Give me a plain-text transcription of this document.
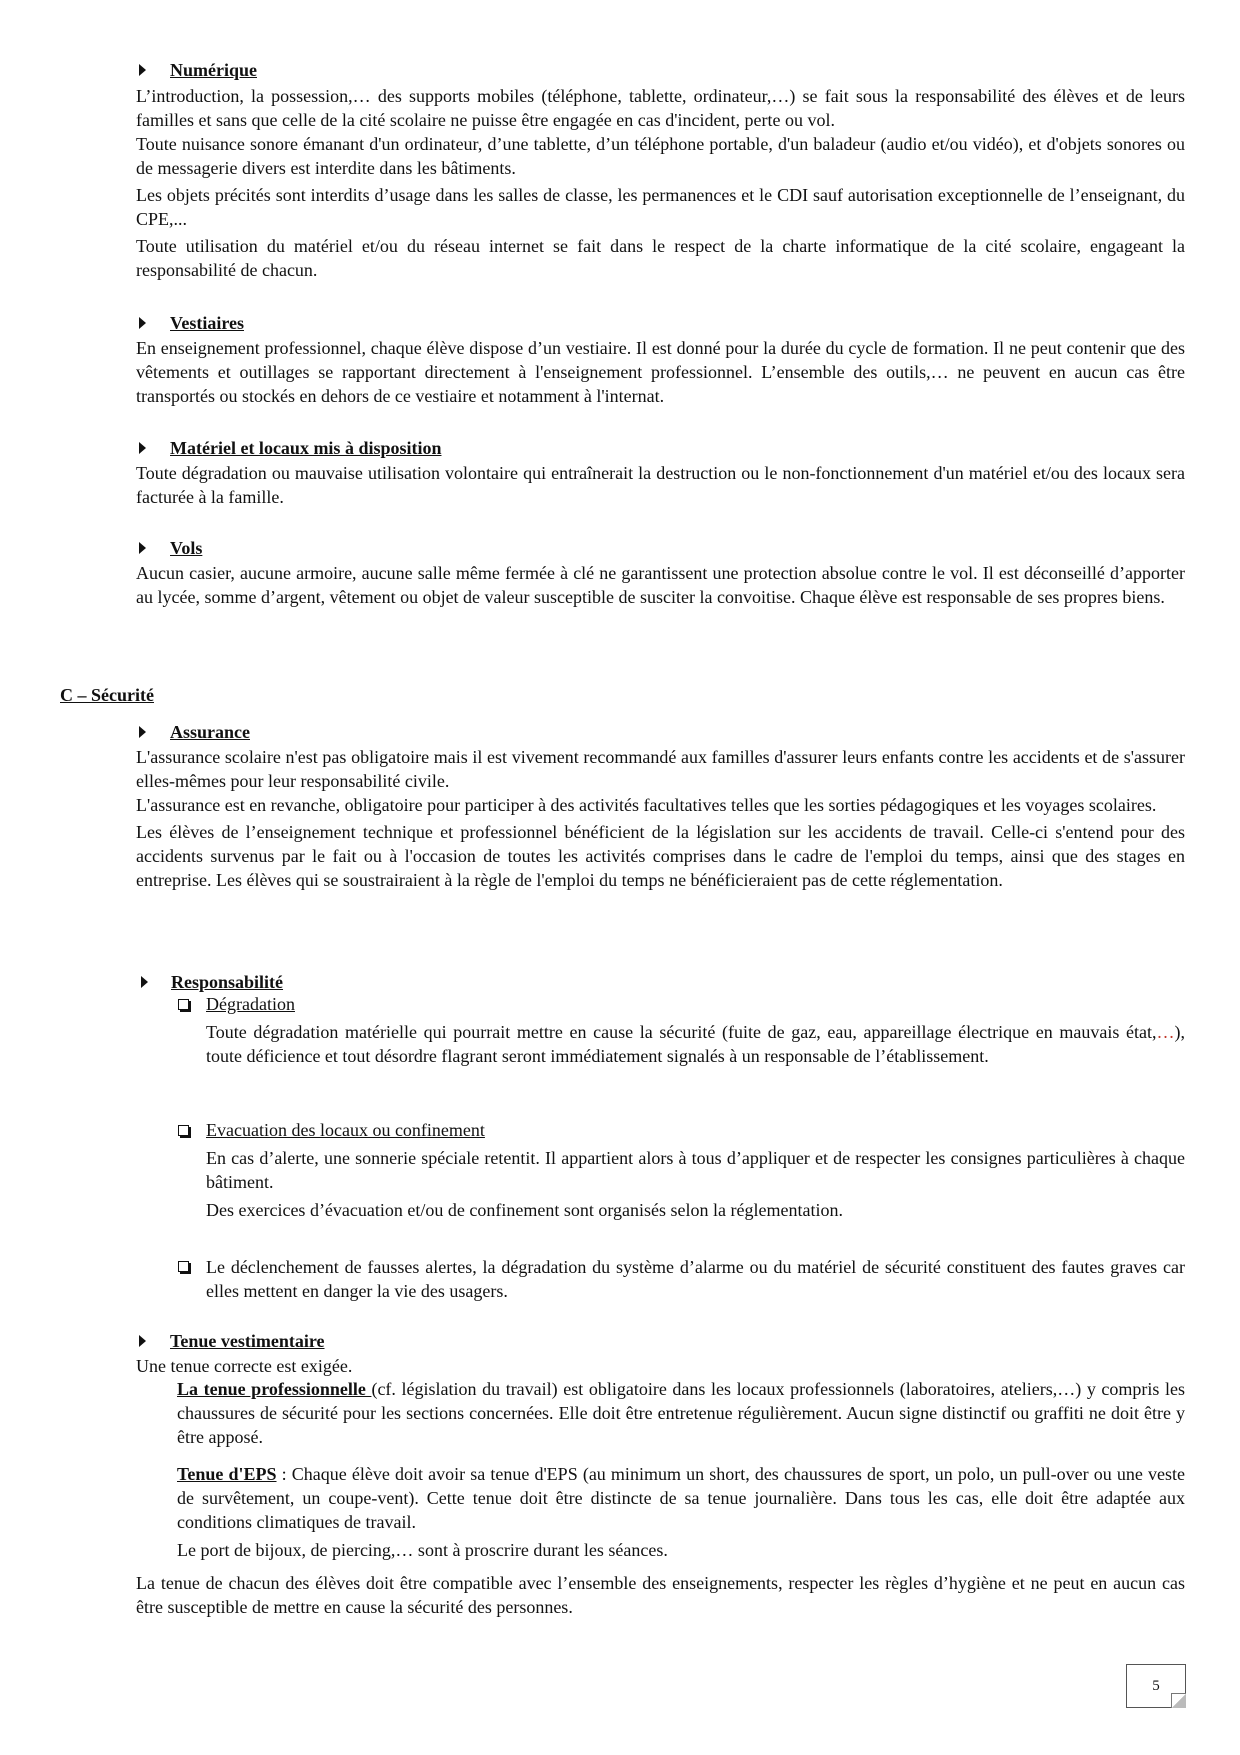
Numérique

L’introduction, la possession,… des supports mobiles (téléphone, tablette, ordinateur,…) se fait sous la responsabilité des élèves et de leurs familles et sans que celle de la cité scolaire ne puisse être engagée en cas d'incident, perte ou vol.

Toute nuisance sonore émanant d'un ordinateur, d’une tablette, d’un téléphone portable, d'un baladeur (audio et/ou vidéo), et d'objets sonores ou de messagerie divers est interdite dans les bâtiments.

Les objets précités sont interdits d’usage dans les salles de classe, les permanences et le CDI sauf autorisation exceptionnelle de l’enseignant, du CPE,...

Toute utilisation du matériel et/ou du réseau internet se fait dans le respect de la charte informatique de la cité scolaire, engageant la responsabilité de chacun.

Vestiaires

En enseignement professionnel, chaque élève dispose d’un vestiaire. Il est donné pour la durée du cycle de formation. Il ne peut contenir que des vêtements et outillages se rapportant directement à l'enseignement professionnel. L’ensemble des outils,… ne peuvent en aucun cas être transportés ou stockés en dehors de ce vestiaire et notamment à l'internat.

Matériel et locaux mis à disposition

Toute dégradation ou mauvaise utilisation volontaire qui entraînerait la destruction ou le non-fonctionnement d'un matériel et/ou des locaux sera facturée à la famille.

Vols

Aucun casier, aucune armoire, aucune salle même fermée à clé ne garantissent une protection absolue contre le vol. Il est déconseillé d’apporter au lycée, somme d’argent, vêtement ou objet de valeur susceptible de susciter la convoitise. Chaque élève est responsable de ses propres biens.

C – Sécurité
Assurance

L'assurance scolaire n'est pas obligatoire mais il est vivement recommandé aux familles d'assurer leurs enfants contre les accidents et de s'assurer elles-mêmes pour leur responsabilité civile.

L'assurance est en revanche, obligatoire pour participer à des activités facultatives telles que les sorties pédagogiques et les voyages scolaires.

Les élèves de l’enseignement technique et professionnel bénéficient de la législation sur les accidents de travail. Celle-ci s'entend pour des accidents survenus par le fait ou à l'occasion de toutes les activités comprises dans le cadre de l'emploi du temps, ainsi que des stages en entreprise. Les élèves qui se soustrairaient à la règle de l'emploi du temps ne bénéficieraient pas de cette réglementation.

Responsabilité
Dégradation

Toute dégradation matérielle qui pourrait mettre en cause la sécurité (fuite de gaz, eau, appareillage électrique en mauvais état,…), toute déficience et tout désordre flagrant seront immédiatement signalés à un responsable de l’établissement.

Evacuation des locaux ou confinement

En cas d’alerte, une sonnerie spéciale retentit. Il appartient alors à tous d’appliquer et de respecter les consignes particulières à chaque bâtiment.

Des exercices d’évacuation et/ou de confinement sont organisés selon la réglementation.

Le déclenchement de fausses alertes, la dégradation du système d’alarme ou du matériel de sécurité constituent des fautes graves car elles mettent en danger la vie des usagers.

Tenue vestimentaire

Une tenue correcte est exigée.

La tenue professionnelle (cf. législation du travail) est obligatoire dans les locaux professionnels (laboratoires, ateliers,…) y compris les chaussures de sécurité pour les sections concernées. Elle doit être entretenue régulièrement. Aucun signe distinctif ou graffiti ne doit être y être apposé.

Tenue d'EPS : Chaque élève doit avoir sa tenue d'EPS (au minimum un short, des chaussures de sport, un polo, un pull-over ou une veste de survêtement, un coupe-vent). Cette tenue doit être distincte de sa tenue journalière. Dans tous les cas, elle doit être adaptée aux conditions climatiques de travail.

Le port de bijoux, de piercing,… sont à proscrire durant les séances.

La tenue de chacun des élèves doit être compatible avec l’ensemble des enseignements, respecter les règles d’hygiène et ne peut en aucun cas être susceptible de mettre en cause la sécurité des personnes.

5
